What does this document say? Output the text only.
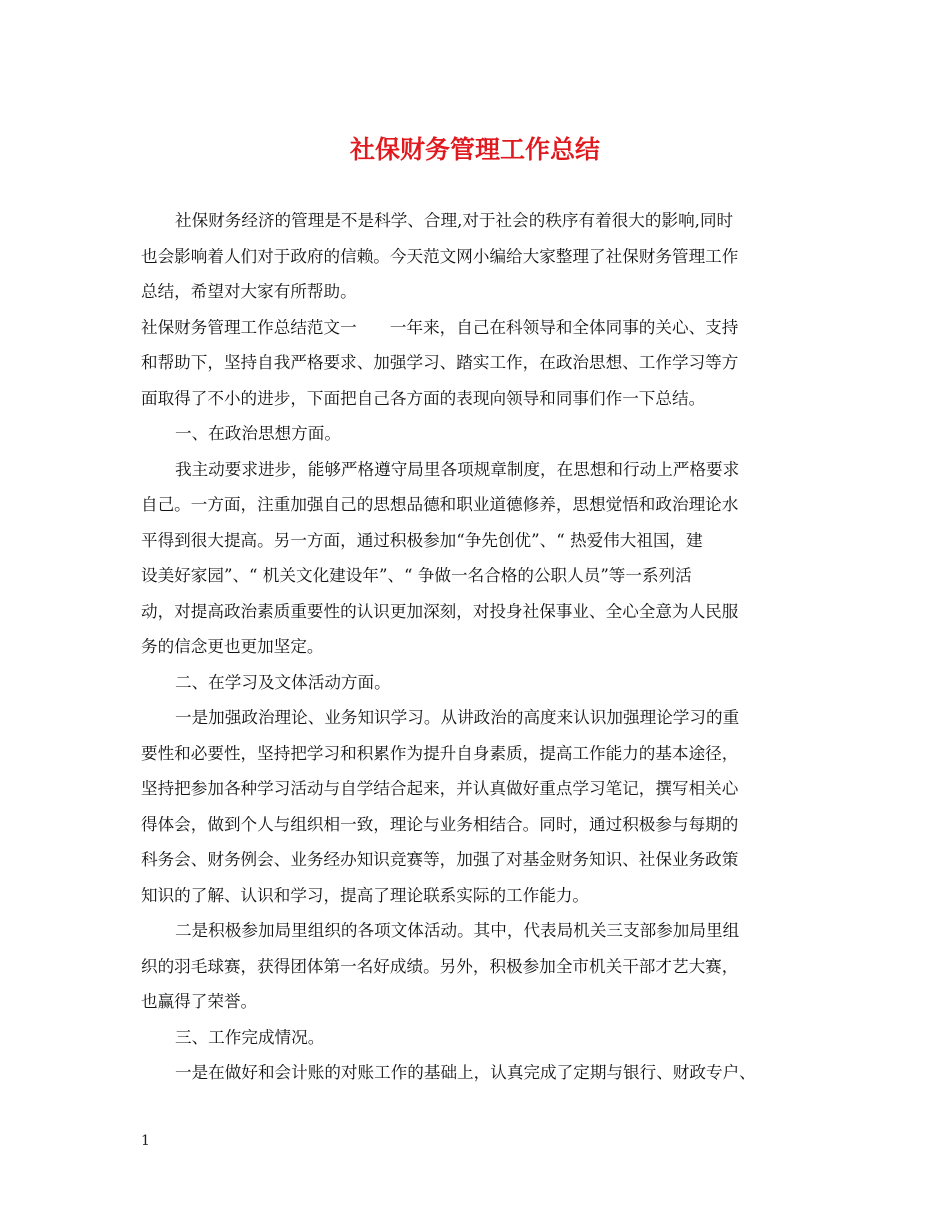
社保财务管理工作总结
社保财务经济的管理是不是科学、合理,对于社会的秩序有着很大的影响,同时
也会影响着人们对于政府的信赖。今天范文网小编给大家整理了社保财务管理工作
总结，希望对大家有所帮助。
社保财务管理工作总结范文一　　一年来，自己在科领导和全体同事的关心、支持
和帮助下，坚持自我严格要求、加强学习、踏实工作，在政治思想、工作学习等方
面取得了不小的进步，下面把自己各方面的表现向领导和同事们作一下总结。
一、在政治思想方面。
我主动要求进步，能够严格遵守局里各项规章制度，在思想和行动上严格要求
自己。一方面，注重加强自己的思想品德和职业道德修养，思想觉悟和政治理论水
平得到很大提高。另一方面，通过积极参加“争先创优”、“ 热爱伟大祖国，建
设美好家园”、“ 机关文化建设年”、“ 争做一名合格的公职人员”等一系列活
动，对提高政治素质重要性的认识更加深刻，对投身社保事业、全心全意为人民服
务的信念更也更加坚定。
二、在学习及文体活动方面。
一是加强政治理论、业务知识学习。从讲政治的高度来认识加强理论学习的重
要性和必要性，坚持把学习和积累作为提升自身素质，提高工作能力的基本途径，
坚持把参加各种学习活动与自学结合起来，并认真做好重点学习笔记，撰写相关心
得体会，做到个人与组织相一致，理论与业务相结合。同时，通过积极参与每期的
科务会、财务例会、业务经办知识竞赛等，加强了对基金财务知识、社保业务政策
知识的了解、认识和学习，提高了理论联系实际的工作能力。
二是积极参加局里组织的各项文体活动。其中，代表局机关三支部参加局里组
织的羽毛球赛，获得团体第一名好成绩。另外，积极参加全市机关干部才艺大赛，
也赢得了荣誉。
三、工作完成情况。
一是在做好和会计账的对账工作的基础上，认真完成了定期与银行、财政专户、
1
